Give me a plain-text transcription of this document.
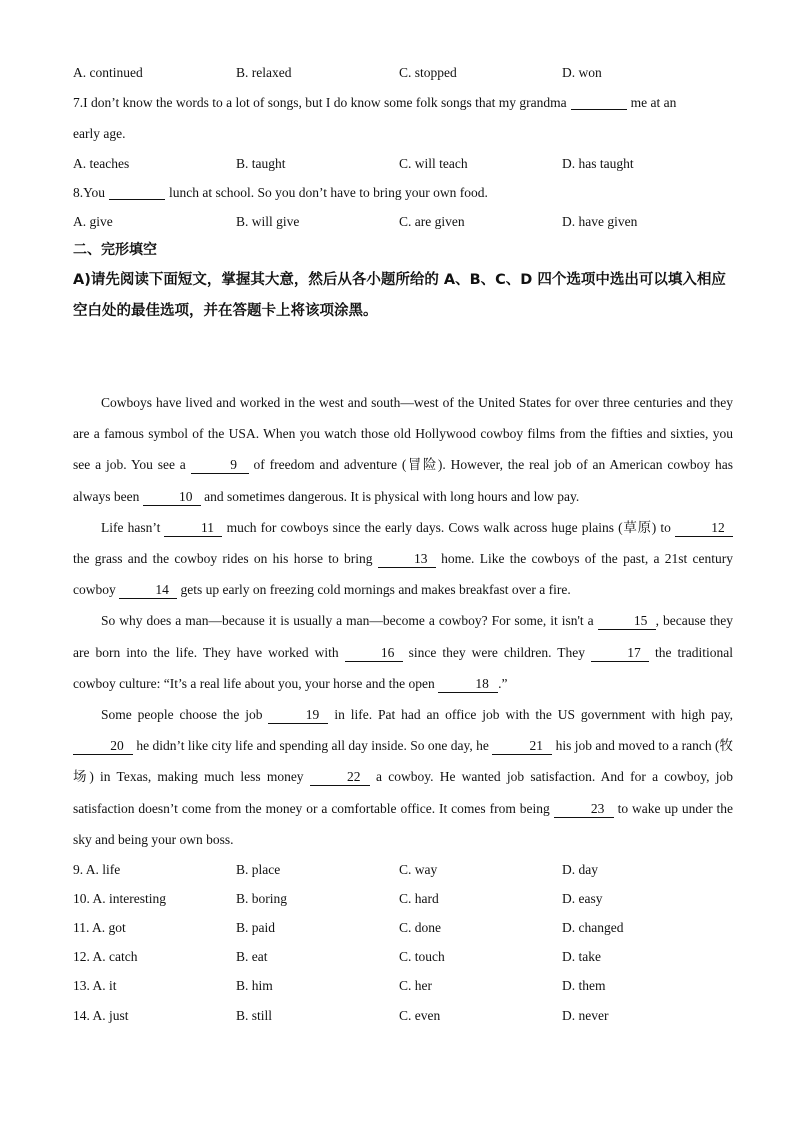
A. continued	B. relaxed	C. stopped	D. won
7.I don’t know the words to a lot of songs, but I do know some folk songs that my grandma	me at an
early age.
A. teaches	B. taught	C. will teach	D. has taught
8.You	lunch at school. So you don’t have to bring your own food.
A. give	B. will give	C. are given	D. have given
二、完形填空
A)请先阅读下面短文，掌握其大意，然后从各小题所给的 A、B、C、D 四个选项中选出可以填入相应空白处的最佳选项，并在答题卡上将该项涂黑。

Cowboys have lived and worked in the west and south—west of the United States for over three centuries and they are a famous symbol of the USA. When you watch those old Hollywood cowboy films from the fifties and sixties, you see a job. You see a	9 of freedom and adventure (冒险). However, the real job of an American cowboy has always been	10 and sometimes dangerous. It is physical with long hours and low pay.

Life hasn’t	11 much for cowboys since the early days. Cows walk across huge plains (草原) to	12 the grass and the cowboy rides on his horse to bring	13 home. Like the cowboys of the past, a 21st century cowboy	14 gets up early on freezing cold mornings and makes breakfast over a fire.

So why does a man—because it is usually a man—become a cowboy? For some, it isn't a	15 , because they are born into the life. They have worked with	16 since they were children. They	17 the traditional cowboy culture: “It’s a real life about you, your horse and the open	18 .”

Some people choose the job	19 in life. Pat had an office job with the US government with high pay, 20 he didn’t like city life and spending all day inside. So one day, he	21 his job and moved to a ranch (牧场) in Texas, making much less money	22 a cowboy. He wanted job satisfaction. And for a cowboy, job satisfaction doesn’t come from the money or a comfortable office. It comes from being	23 to wake up under the sky and being your own boss.

9. A. life	B. place	C. way	D. day
10. A. interesting	B. boring	C. hard	D. easy
11. A. got	B. paid	C. done	D. changed
12. A. catch	B. eat	C. touch	D. take
13. A. it	B. him	C. her	D. them
14. A. just	B. still	C. even	D. never
